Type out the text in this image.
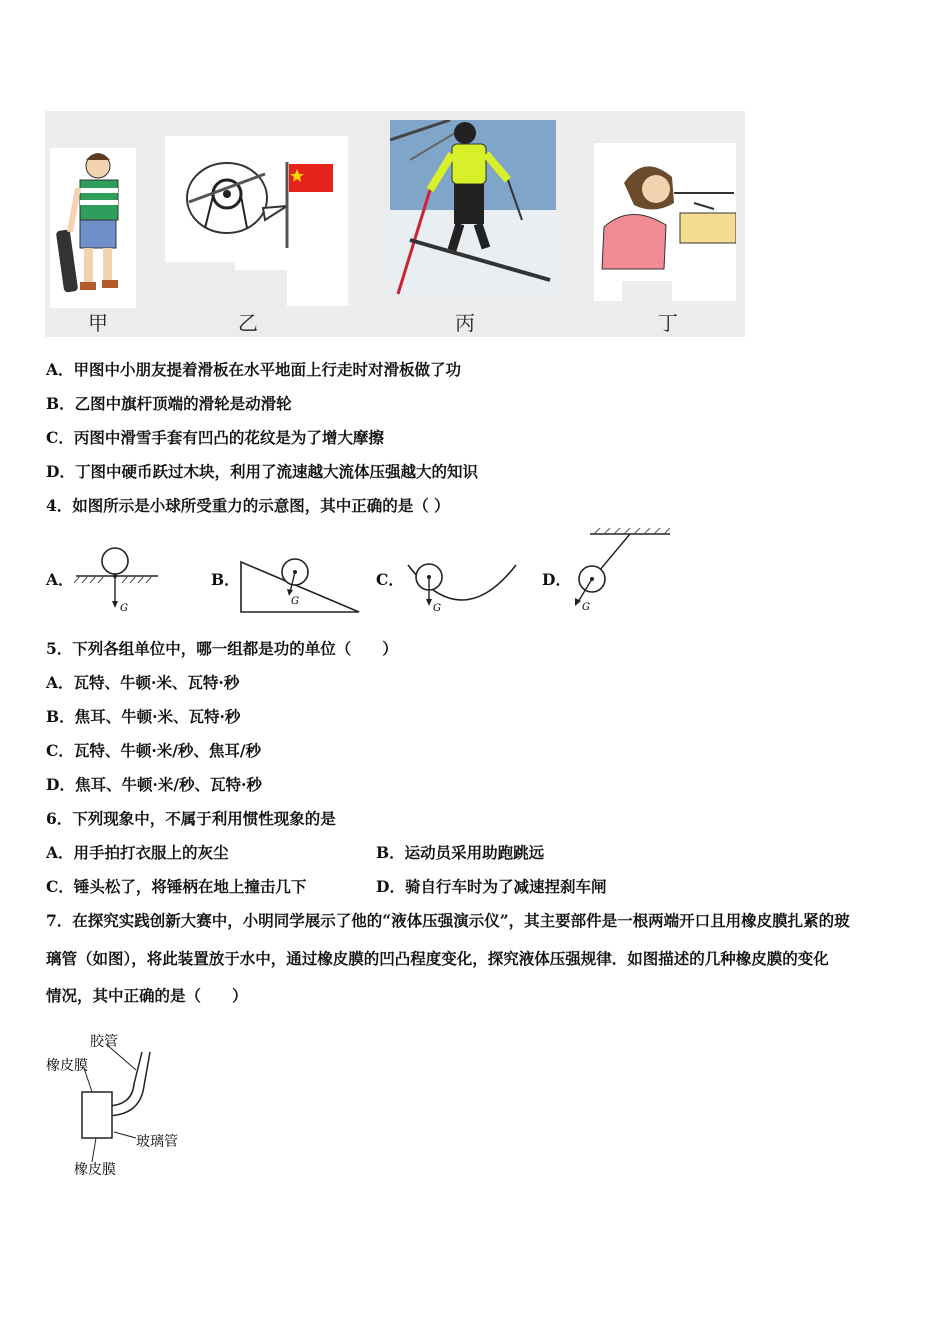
甲	乙	丙	丁
A．甲图中小朋友提着滑板在水平地面上行走时对滑板做了功
B．乙图中旗杆顶端的滑轮是动滑轮
C．丙图中滑雪手套有凹凸的花纹是为了增大摩擦
D．丁图中硬币跃过木块，利用了流速越大流体压强越大的知识
4．如图所示是小球所受重力的示意图，其中正确的是（ ）
A．
G
B．
G
C．
G
D．
G
5．下列各组单位中，哪一组都是功的单位（　　）
A．瓦特、牛顿·米、瓦特·秒
B．焦耳、牛顿·米、瓦特·秒
C．瓦特、牛顿·米/秒、焦耳/秒
D．焦耳、牛顿·米/秒、瓦特·秒
6．下列现象中，不属于利用惯性现象的是
A．用手拍打衣服上的灰尘	B．运动员采用助跑跳远
C．锤头松了，将锤柄在地上撞击几下	D．骑自行车时为了减速捏刹车闸
7．在探究实践创新大赛中，小明同学展示了他的“液体压强演示仪”，其主要部件是一根两端开口且用橡皮膜扎紧的玻
璃管（如图），将此装置放于水中，通过橡皮膜的凹凸程度变化，探究液体压强规律．如图描述的几种橡皮膜的变化
情况，其中正确的是（　　）
胶管
橡皮膜
玻璃管
橡皮膜
